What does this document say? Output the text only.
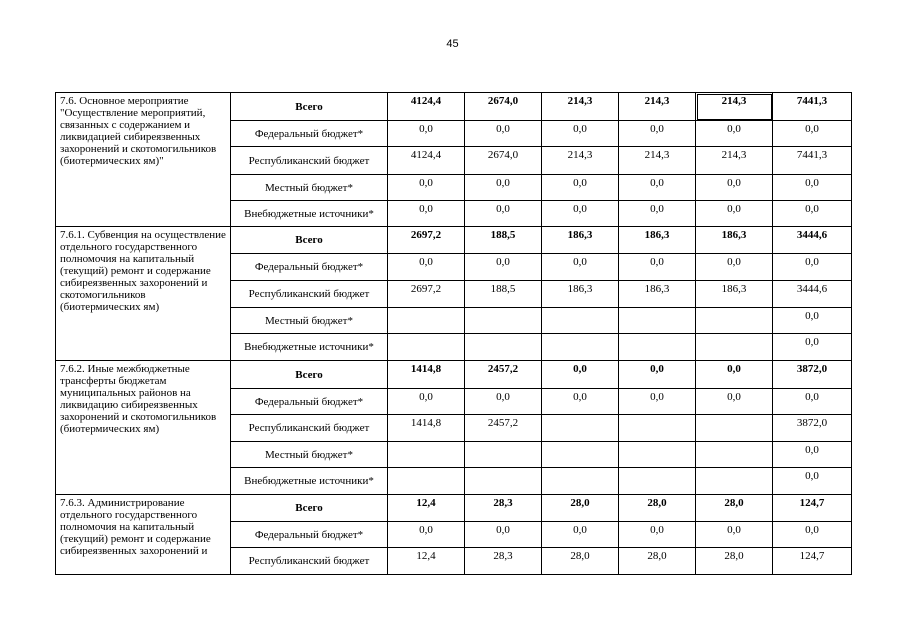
45
7.6. Основное мероприятие "Осуществление мероприятий, связанных с содержанием и ликвидацией сибиреязвенных захоронений и скотомогильников (биотермических ям)"	Всего	4124,4	2674,0	214,3	214,3	214,3	7441,3
	Федеральный бюджет*	0,0	0,0	0,0	0,0	0,0	0,0
	Республиканский бюджет	4124,4	2674,0	214,3	214,3	214,3	7441,3
	Местный бюджет*	0,0	0,0	0,0	0,0	0,0	0,0
	Внебюджетные источники*	0,0	0,0	0,0	0,0	0,0	0,0
7.6.1. Субвенция на осуществление отдельного государственного полномочия на капитальный (текущий) ремонт и содержание сибиреязвенных захоронений и скотомогильников (биотермических ям)	Всего	2697,2	188,5	186,3	186,3	186,3	3444,6
	Федеральный бюджет*	0,0	0,0	0,0	0,0	0,0	0,0
	Республиканский бюджет	2697,2	188,5	186,3	186,3	186,3	3444,6
	Местный бюджет*						0,0
	Внебюджетные источники*						0,0
7.6.2. Иные межбюджетные трансферты бюджетам муниципальных районов на ликвидацию сибиреязвенных захоронений и скотомогильников (биотермических ям)	Всего	1414,8	2457,2	0,0	0,0	0,0	3872,0
	Федеральный бюджет*	0,0	0,0	0,0	0,0	0,0	0,0
	Республиканский бюджет	1414,8	2457,2				3872,0
	Местный бюджет*						0,0
	Внебюджетные источники*						0,0
7.6.3. Администрирование отдельного государственного полномочия на капитальный (текущий) ремонт и содержание сибиреязвенных захоронений и	Всего	12,4	28,3	28,0	28,0	28,0	124,7
	Федеральный бюджет*	0,0	0,0	0,0	0,0	0,0	0,0
	Республиканский бюджет	12,4	28,3	28,0	28,0	28,0	124,7
